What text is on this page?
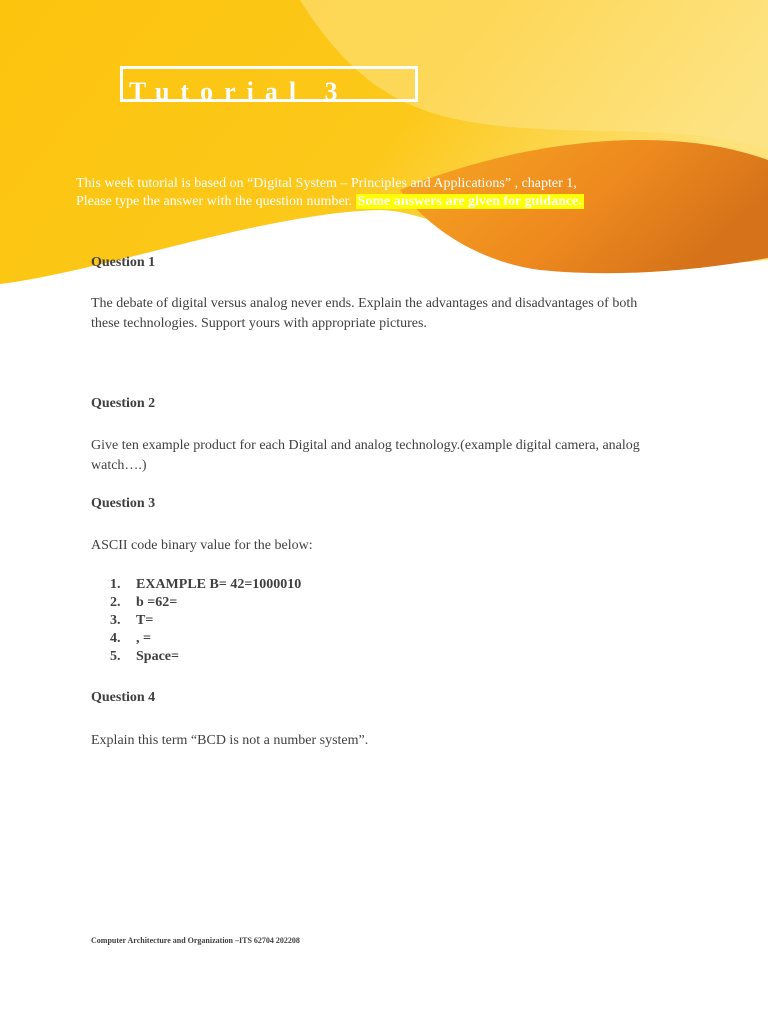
Tutorial 3
This week tutorial is based on “Digital System – Principles and Applications” , chapter 1,
Please type the answer with the question number. Some answers are given for guidance.
Question 1
The debate of digital versus analog never ends. Explain the advantages and disadvantages of both these technologies. Support yours with appropriate pictures.
Question 2
Give ten example product for each Digital and analog technology.(example digital camera, analog watch….)
Question 3
ASCII code binary value for the below:
1. EXAMPLE B= 42=1000010
2. b =62=
3. T=
4. , =
5. Space=
Question 4
Explain this term “BCD is not a number system”.
Computer Architecture and Organization –ITS 62704 202208
